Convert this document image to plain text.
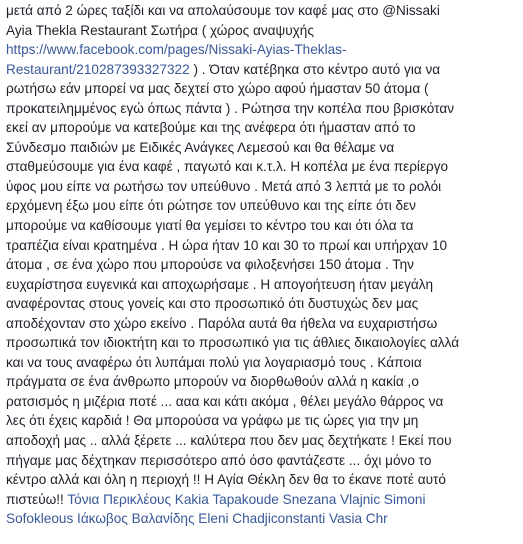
μετά από 2 ώρες ταξίδι και να απολαύσουμε τον καφέ μας στο @Nissaki
Ayia Thekla Restaurant Σωτήρα ( χώρος αναψυχής
https://www.facebook.com/pages/Nissaki-Ayias-Theklas-
Restaurant/210287393327322 ) . Όταν κατέβηκα στο κέντρο αυτό για να
ρωτήσω εάν μπορεί να μας δεχτεί στο χώρο αφού ήμασταν 50 άτομα (
προκατειλημμένος εγώ όπως πάντα ) . Ρώτησα την κοπέλα που βρισκόταν
εκεί αν μπορούμε να κατεβούμε και της ανέφερα ότι ήμασταν από το
Σύνδεσμο παιδιών με Ειδικές Ανάγκες Λεμεσού και θα θέλαμε να
σταθμεύσουμε για ένα καφέ , παγωτό και κ.τ.λ. Η κοπέλα με ένα περίεργο
ύφος μου είπε να ρωτήσω τον υπεύθυνο . Μετά από 3 λεπτά με το ρολόι
ερχόμενη έξω μου είπε ότι ρώτησε τον υπεύθυνο και της είπε ότι δεν
μπορούμε να καθίσουμε γιατί θα γεμίσει το κέντρο του και ότι όλα τα
τραπέζια είναι κρατημένα . Η ώρα ήταν 10 και 30 το πρωί και υπήρχαν 10
άτομα , σε ένα χώρο που μπορούσε να φιλοξενήσει 150 άτομα . Την
ευχαρίστησα ευγενικά και αποχωρήσαμε . Η απογοήτευση ήταν μεγάλη
αναφέροντας στους γονείς και στο προσωπικό ότι δυστυχώς δεν μας
αποδέχονταν στο χώρο εκείνο . Παρόλα αυτά θα ήθελα να ευχαριστήσω
προσωπικά τον ιδιοκτήτη και το προσωπικό για τις άθλιες δικαιολογίες αλλά
και να τους αναφέρω ότι λυπάμαι πολύ για λογαριασμό τους . Κάποια
πράγματα σε ένα άνθρωπο μπορούν να διορθωθούν αλλά η κακία ,ο
ρατσισμός η μιζέρια ποτέ ... ααα και κάτι ακόμα , θέλει μεγάλο θάρρος να
λες ότι έχεις καρδιά ! Θα μπορούσα να γράφω με τις ώρες για την μη
αποδοχή μας .. αλλά ξέρετε ... καλύτερα που δεν μας δεχτήκατε ! Εκεί που
πήγαμε μας δέχτηκαν περισσότερο από όσο φαντάζεστε ... όχι μόνο το
κέντρο αλλά και όλη η περιοχή !! Η Αγία Θέκλη δεν θα το έκανε ποτέ αυτό
πιστεύω!! Τόνια Περικλέους Kakia Tapakoude Snezana Vlajnic Simoni
Sofokleous Ιάκωβος Βαλανίδης Eleni Chadjiconstanti Vasia Chr
